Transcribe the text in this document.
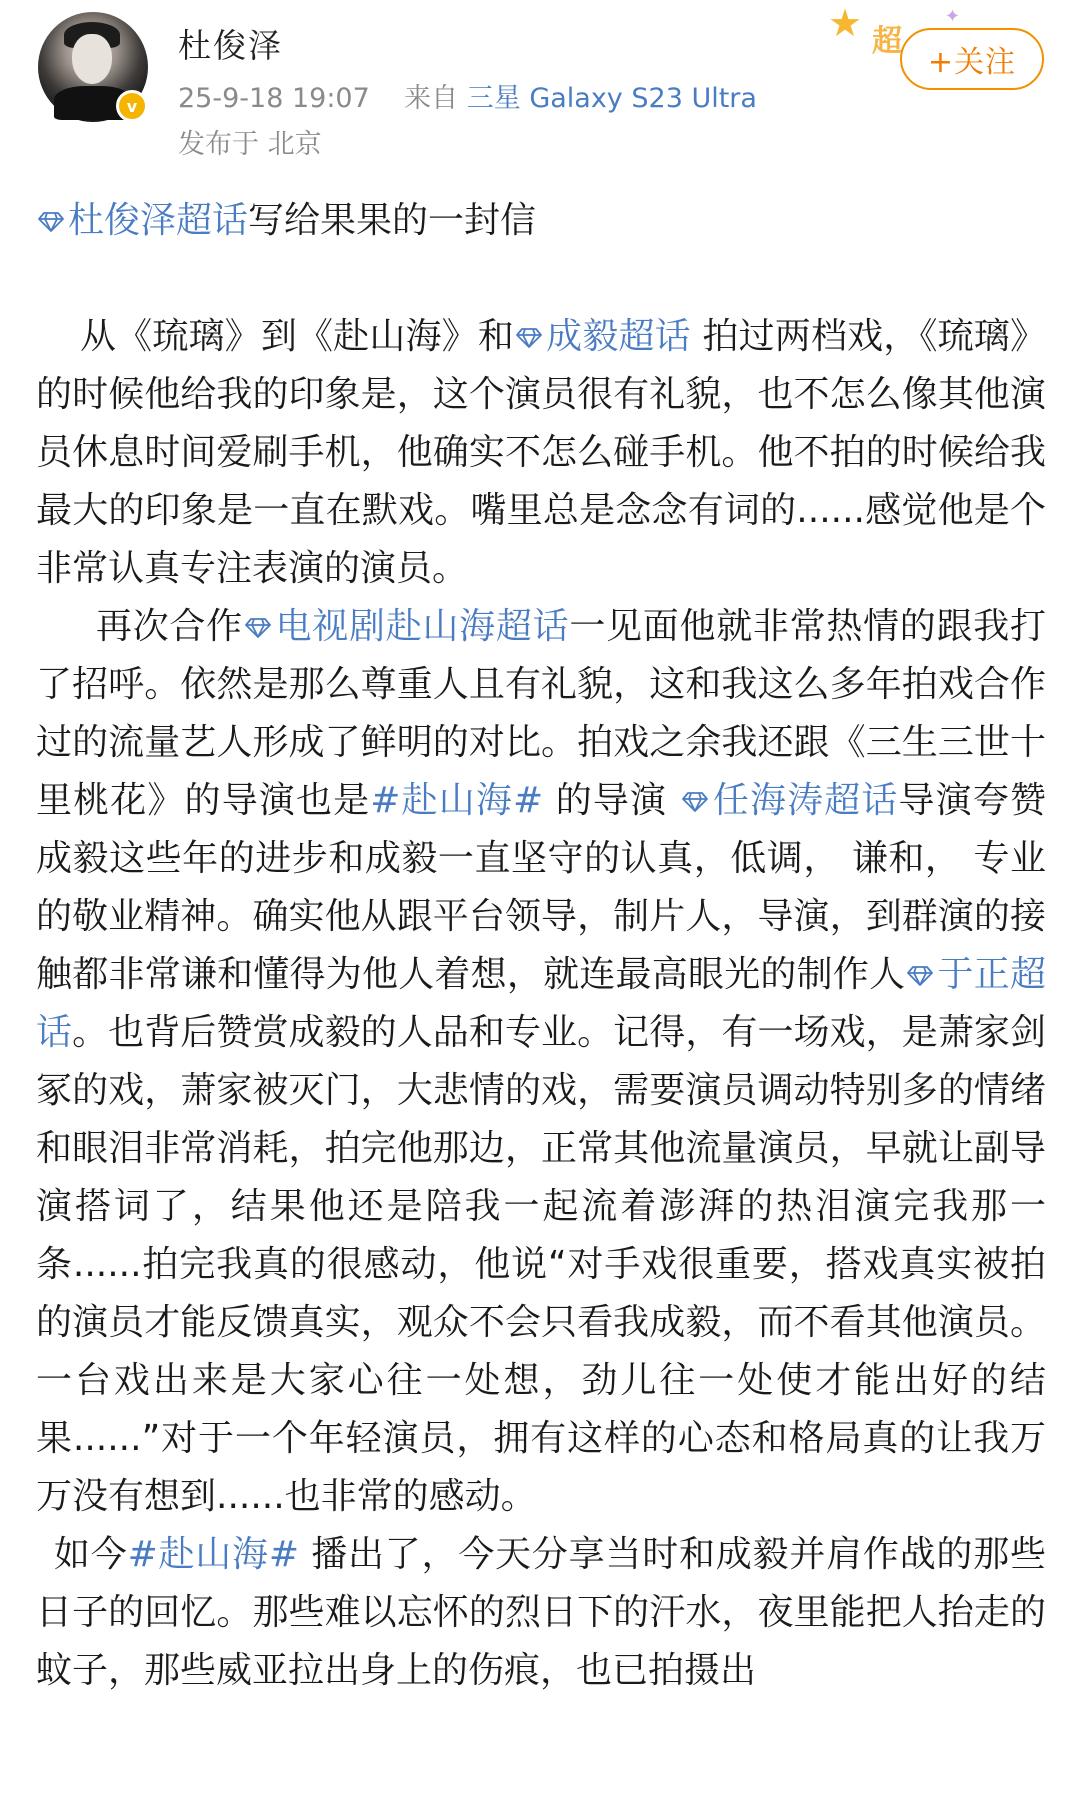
v
杜俊泽
25-9-18 19:07 来自 三星 Galaxy S23 Ultra
发布于 北京
★ 超
✦
+关注
杜俊泽超话写给果果的一封信

从《琉璃》到《赴山海》和 成毅超话 拍过两档戏，《琉璃》的时候他给我的印象是，这个演员很有礼貌，也不怎么像其他演员休息时间爱刷手机，他确实不怎么碰手机。他不拍的时候给我最大的印象是一直在默戏。嘴里总是念念有词的......感觉他是个非常认真专注表演的演员。

再次合作 电视剧赴山海超话一见面他就非常热情的跟我打了招呼。依然是那么尊重人且有礼貌，这和我这么多年拍戏合作过的流量艺人形成了鲜明的对比。拍戏之余我还跟《三生三世十里桃花》的导演也是#赴山海# 的导演
任海涛超话导演夸赞成毅这些年的进步和成毅一直坚守的认真，低调， 谦和， 专业的敬业精神。确实他从跟平台领导，制片人，导演，到群演的接触都非常谦和懂得为他人着想，就连最高眼光的制作人 于正超话。也背后赞赏成毅的人品和专业。记得，有一场戏，是萧家剑冢的戏，萧家被灭门，大悲情的戏，需要演员调动特别多的情绪和眼泪非常消耗，拍完他那边，正常其他流量演员，早就让副导演搭词了，结果他还是陪我一起流着澎湃的热泪演完我那一条......拍完我真的很感动，他说“对手戏很重要，搭戏真实被拍的演员才能反馈真实，观众不会只看我成毅，而不看其他演员。一台戏出来是大家心往一处想，劲儿往一处使才能出好的结果......”对于一个年轻演员，拥有这样的心态和格局真的让我万万没有想到......也非常的感动。

如今#赴山海# 播出了，今天分享当时和成毅并肩作战的那些日子的回忆。那些难以忘怀的烈日下的汗水，夜里能把人抬走的蚊子，那些威亚拉出身上的伤痕，也已拍摄出
